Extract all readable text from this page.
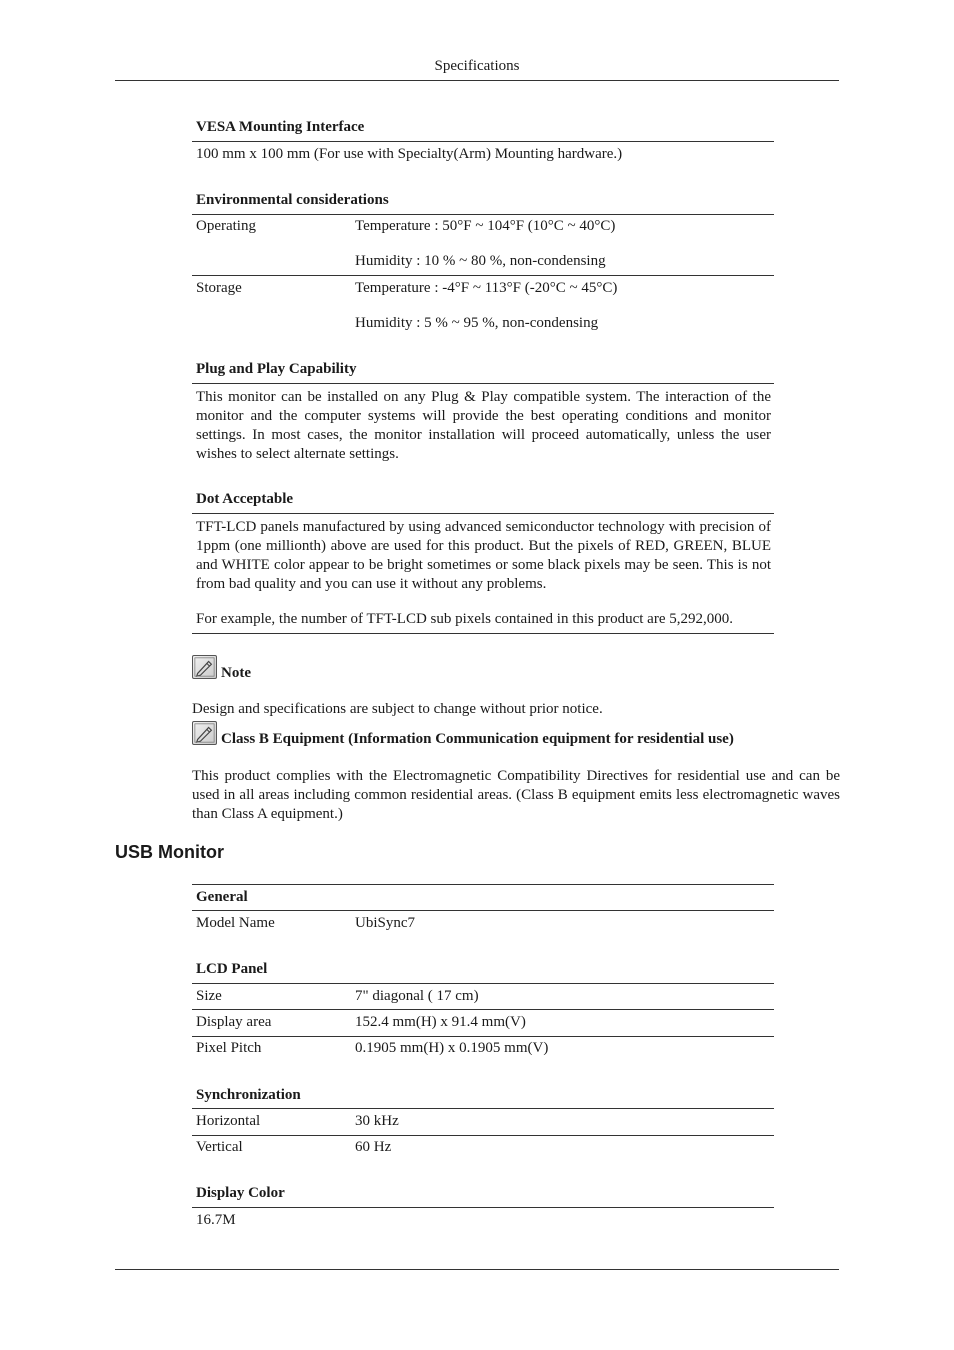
Specifications
VESA Mounting Interface
100 mm x 100 mm (For use with Specialty(Arm) Mounting hardware.)
Environmental considerations
Operating	Temperature : 50°F ~ 104°F (10°C ~ 40°C)
Humidity : 10 % ~ 80 %, non-condensing
Storage	Temperature : -4°F ~ 113°F (-20°C ~ 45°C)
Humidity : 5 % ~ 95 %, non-condensing
Plug and Play Capability
This monitor can be installed on any Plug & Play compatible system. The interaction of the monitor and the computer systems will provide the best operating conditions and monitor settings. In most cases, the monitor installation will proceed automatically, unless the user wishes to select alternate settings.
Dot Acceptable
TFT-LCD panels manufactured by using advanced semiconductor technology with precision of 1ppm (one millionth) above are used for this product. But the pixels of RED, GREEN, BLUE and WHITE color appear to be bright sometimes or some black pixels may be seen. This is not from bad quality and you can use it without any problems.
For example, the number of TFT-LCD sub pixels contained in this product are 5,292,000.
Note
Design and specifications are subject to change without prior notice.
Class B Equipment (Information Communication equipment for residential use)
This product complies with the Electromagnetic Compatibility Directives for residential use and can be used in all areas including common residential areas. (Class B equipment emits less electromagnetic waves than Class A equipment.)
USB Monitor
General
Model Name	UbiSync7
LCD Panel
Size	7" diagonal ( 17 cm)
Display area	152.4 mm(H) x 91.4 mm(V)
Pixel Pitch	0.1905 mm(H) x 0.1905 mm(V)
Synchronization
Horizontal	30 kHz
Vertical	60 Hz
Display Color
16.7M
